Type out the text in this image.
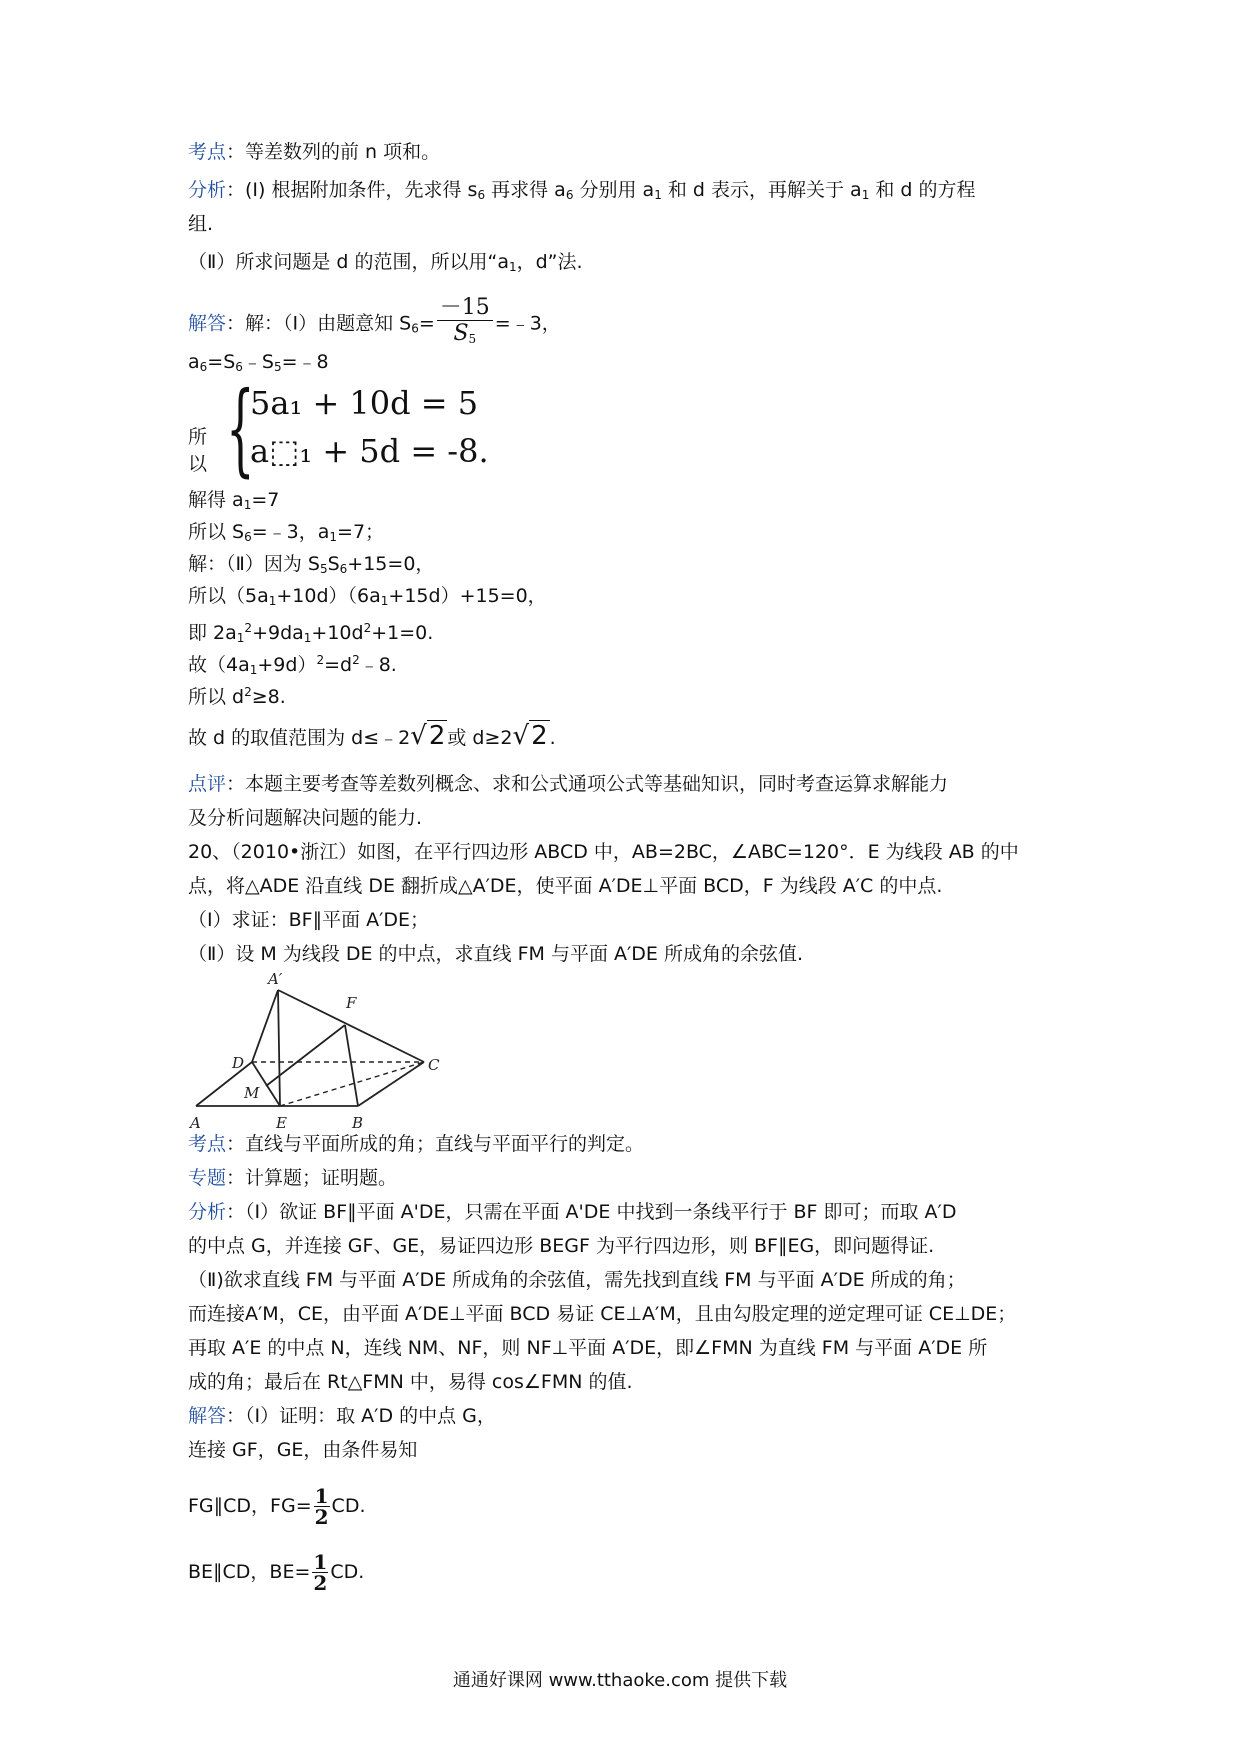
考点：等差数列的前 n 项和。
分析：(Ⅰ) 根据附加条件，先求得 $s_6$ 再求得 $a_6$ 分别用 $a_1$ 和 d 表示，再解关于 $a_1$ 和 d 的方程
组.
（Ⅱ）所求问题是 d 的范围，所以用“$a_1$，d”法.
解答：解：（Ⅰ）由题意知 $S_6= \frac{-15}{S_5}$ =﹣3，
$a_6=S_6﹣S_5=﹣8$
所以 {
5a₁ + 10d = 5
a⬚₁ + 5d = -8.
解得 $a_1=7$
所以 $S_6=﹣3$，$a_1=7$；
解：（Ⅱ）因为 $S_5S_6+15=0$，
所以$(5a_1+10d)(6a_1+15d)+15=0$，
即 $2a_1^2+9da_1+10d^2+1=0$.
故$(4a_1+9d)^2=d^2﹣8$.
所以 $d^2\ge 8$.
故 d 的取值范围为 d≤﹣2√2 或 d≥2√2 .
点评：本题主要考查等差数列概念、求和公式通项公式等基础知识，同时考查运算求解能力
及分析问题解决问题的能力.
20、（2010•浙江）如图，在平行四边形 ABCD 中，AB=2BC，∠ABC=120°．E 为线段 AB 的中
点，将△ADE 沿直线 DE 翻折成△A′DE，使平面 A′DE⊥平面 BCD，F 为线段 A′C 的中点.
（Ⅰ）求证：BF∥平面 A′DE；
（Ⅱ）设 M 为线段 DE 的中点，求直线 FM 与平面 A′DE 所成角的余弦值.
A′
F
D	C
M
A	E	B
考点：直线与平面所成的角；直线与平面平行的判定。
专题：计算题；证明题。
分析：（Ⅰ）欲证 BF∥平面 A'DE，只需在平面 A'DE 中找到一条线平行于 BF 即可；而取 A′D
的中点 G，并连接 GF、GE，易证四边形 BEGF 为平行四边形，则 BF∥EG，即问题得证.
（Ⅱ)欲求直线 FM 与平面 A′DE 所成角的余弦值，需先找到直线 FM 与平面 A′DE 所成的角；
而连接A′M，CE，由平面 A′DE⊥平面 BCD 易证 CE⊥A′M，且由勾股定理的逆定理可证 CE⊥DE；
再取 A′E 的中点 N，连线 NM、NF，则 NF⊥平面 A′DE，即∠FMN 为直线 FM 与平面 A′DE 所
成的角；最后在 Rt△FMN 中，易得 cos∠FMN 的值.
解答：（Ⅰ）证明：取 A′D 的中点 G，
连接 GF，GE，由条件易知
FG∥CD，$FG= \frac{1}{2}$ CD.
BE∥CD，$BE= \frac{1}{2}$ CD.
通通好课网 www.tthaoke.com 提供下载
